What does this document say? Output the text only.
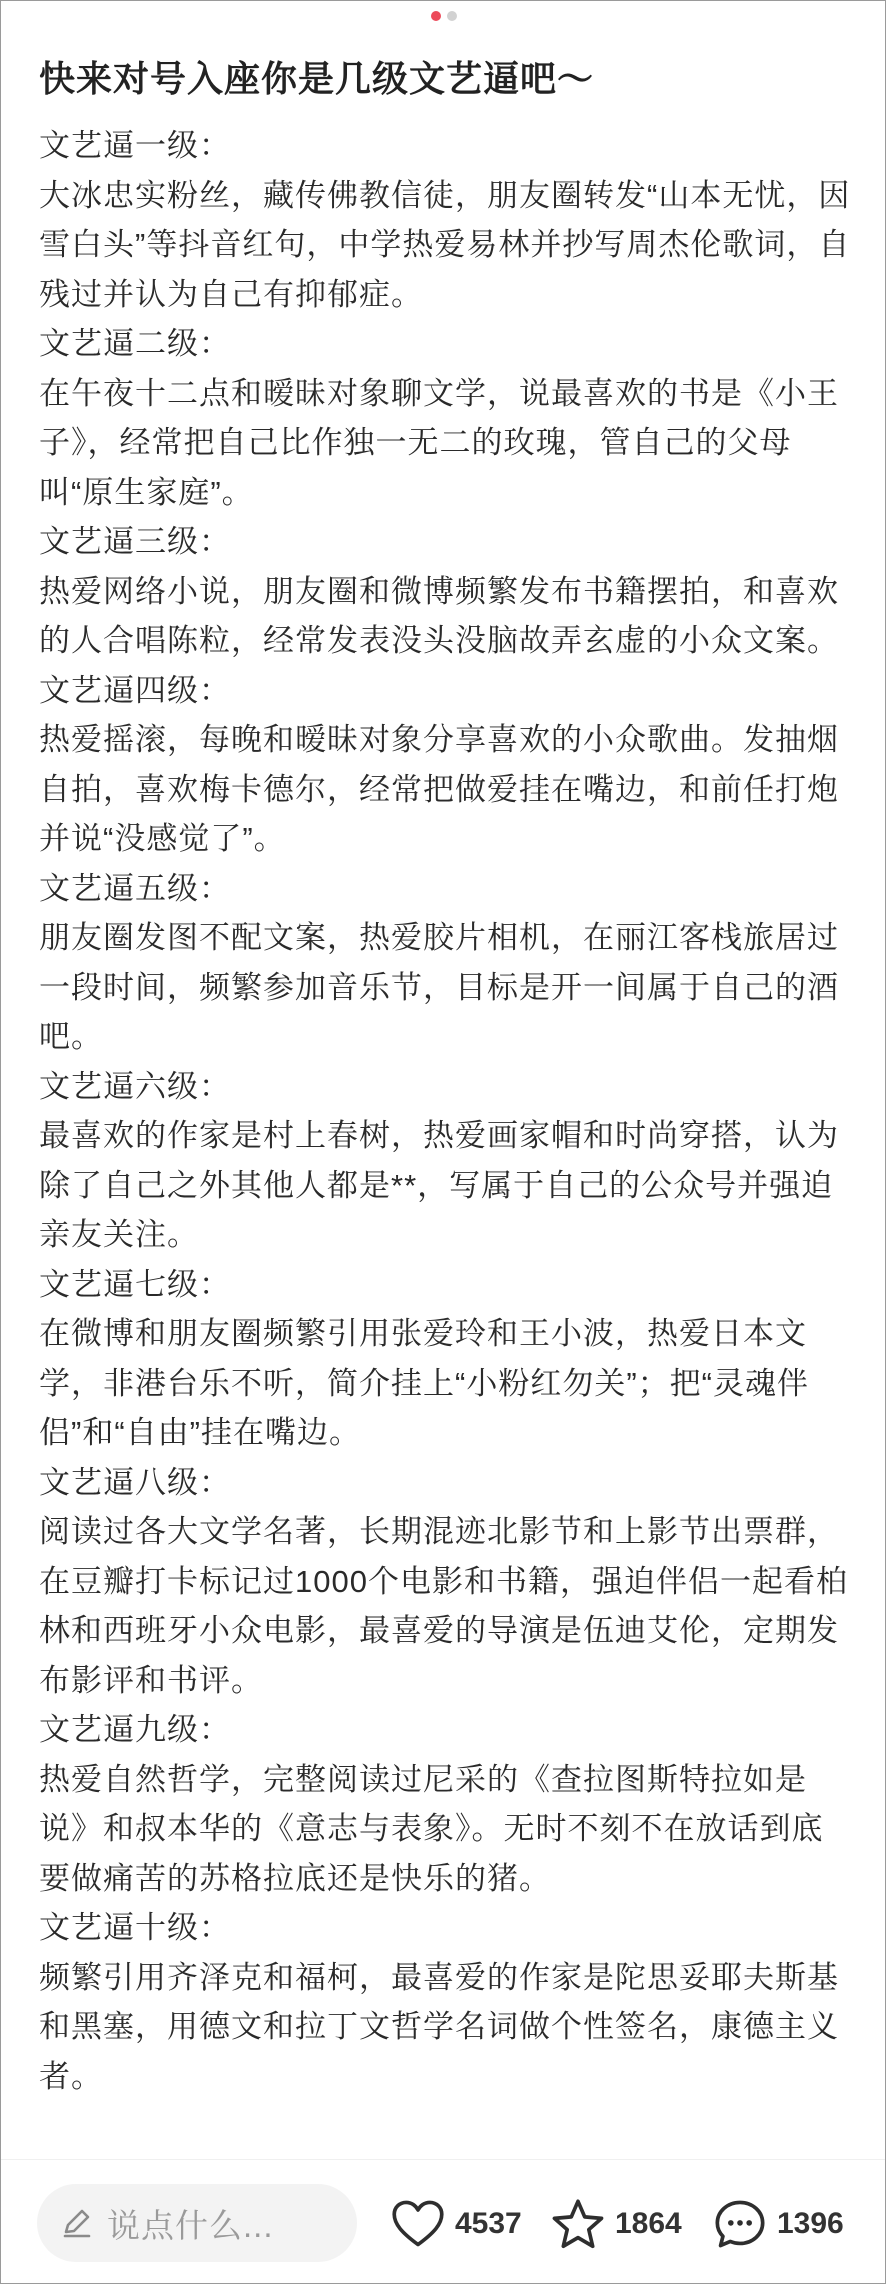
快来对号入座你是几级文艺逼吧～

文艺逼一级：

大冰忠实粉丝，藏传佛教信徒，朋友圈转发“山本无忧，因雪白头”等抖音红句，中学热爱易林并抄写周杰伦歌词，自残过并认为自己有抑郁症。

文艺逼二级：

在午夜十二点和暧昧对象聊文学，说最喜欢的书是《小王子》，经常把自己比作独一无二的玫瑰，管自己的父母叫“原生家庭”。

文艺逼三级：

热爱网络小说，朋友圈和微博频繁发布书籍摆拍，和喜欢的人合唱陈粒，经常发表没头没脑故弄玄虚的小众文案。

文艺逼四级：

热爱摇滚，每晚和暧昧对象分享喜欢的小众歌曲。发抽烟自拍，喜欢梅卡德尔，经常把做爱挂在嘴边，和前任打炮并说“没感觉了”。

文艺逼五级：

朋友圈发图不配文案，热爱胶片相机，在丽江客栈旅居过一段时间，频繁参加音乐节，目标是开一间属于自己的酒吧。

文艺逼六级：

最喜欢的作家是村上春树，热爱画家帽和时尚穿搭，认为除了自己之外其他人都是**，写属于自己的公众号并强迫亲友关注。

文艺逼七级：

在微博和朋友圈频繁引用张爱玲和王小波，热爱日本文学，非港台乐不听，简介挂上“小粉红勿关”；把“灵魂伴侣”和“自由”挂在嘴边。

文艺逼八级：

阅读过各大文学名著，长期混迹北影节和上影节出票群，在豆瓣打卡标记过1000个电影和书籍，强迫伴侣一起看柏林和西班牙小众电影，最喜爱的导演是伍迪艾伦，定期发布影评和书评。

文艺逼九级：

热爱自然哲学，完整阅读过尼采的《查拉图斯特拉如是说》和叔本华的《意志与表象》。无时不刻不在放话到底要做痛苦的苏格拉底还是快乐的猪。

文艺逼十级：

频繁引用齐泽克和福柯，最喜爱的作家是陀思妥耶夫斯基和黑塞，用德文和拉丁文哲学名词做个性签名，康德主义者。

说点什么...	4537	1864	1396
